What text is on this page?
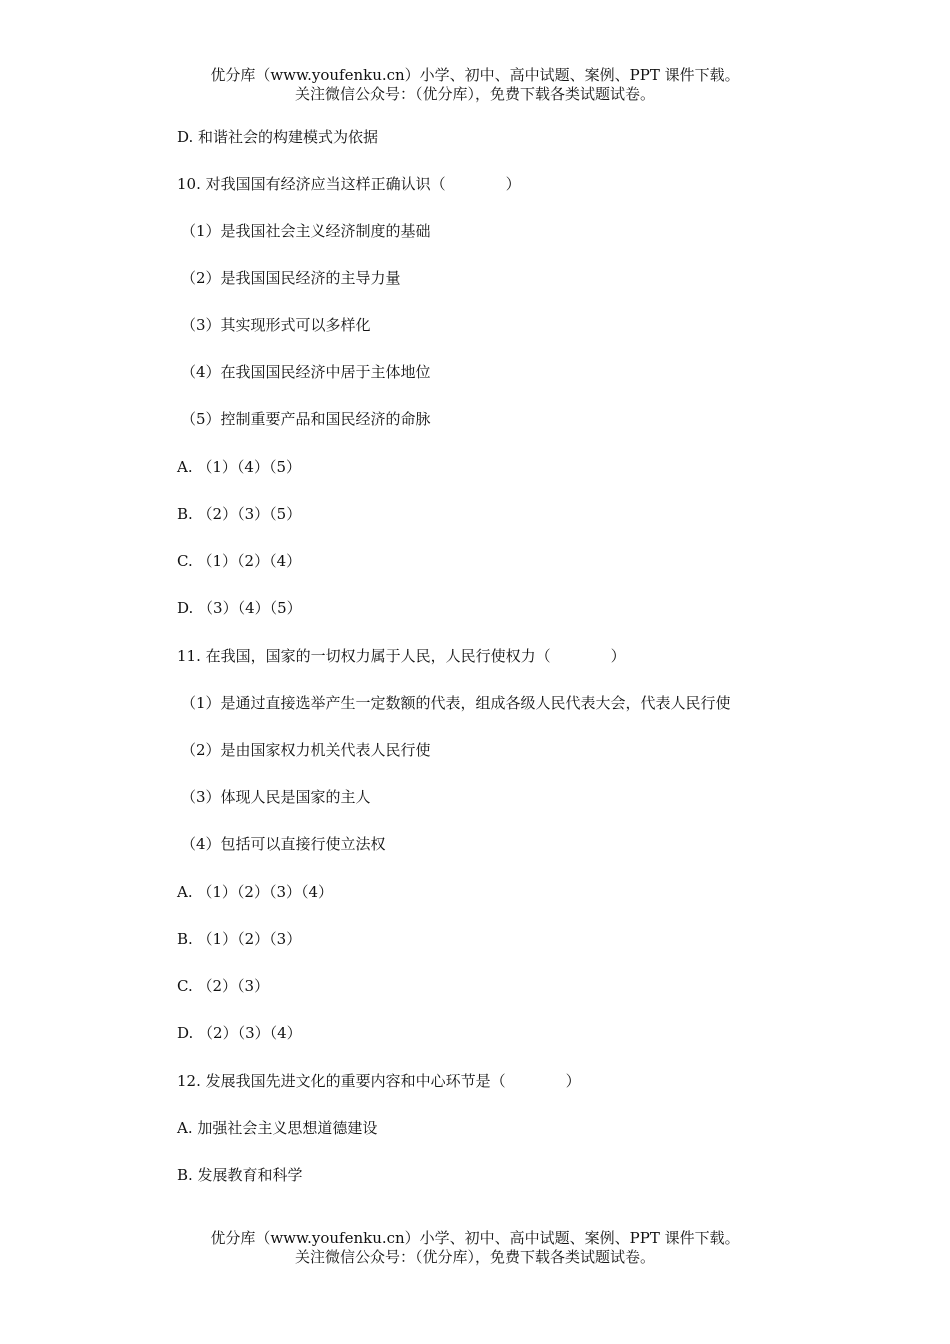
优分库（www.youfenku.cn）小学、初中、高中试题、案例、PPT 课件下载。
关注微信公众号：（优分库），免费下载各类试题试卷。
D. 和谐社会的构建模式为依据
10. 对我国国有经济应当这样正确认识（　　　　）
（1）是我国社会主义经济制度的基础
（2）是我国国民经济的主导力量
（3）其实现形式可以多样化
（4）在我国国民经济中居于主体地位
（5）控制重要产品和国民经济的命脉
A. （1）（4）（5）
B. （2）（3）（5）
C. （1）（2）（4）
D. （3）（4）（5）
11. 在我国，国家的一切权力属于人民，人民行使权力（　　　　）
（1）是通过直接选举产生一定数额的代表，组成各级人民代表大会，代表人民行使
（2）是由国家权力机关代表人民行使
（3）体现人民是国家的主人
（4）包括可以直接行使立法权
A. （1）（2）（3）（4）
B. （1）（2）（3）
C. （2）（3）
D. （2）（3）（4）
12. 发展我国先进文化的重要内容和中心环节是（　　　　）
A. 加强社会主义思想道德建设
B. 发展教育和科学
优分库（www.youfenku.cn）小学、初中、高中试题、案例、PPT 课件下载。
关注微信公众号：（优分库），免费下载各类试题试卷。
